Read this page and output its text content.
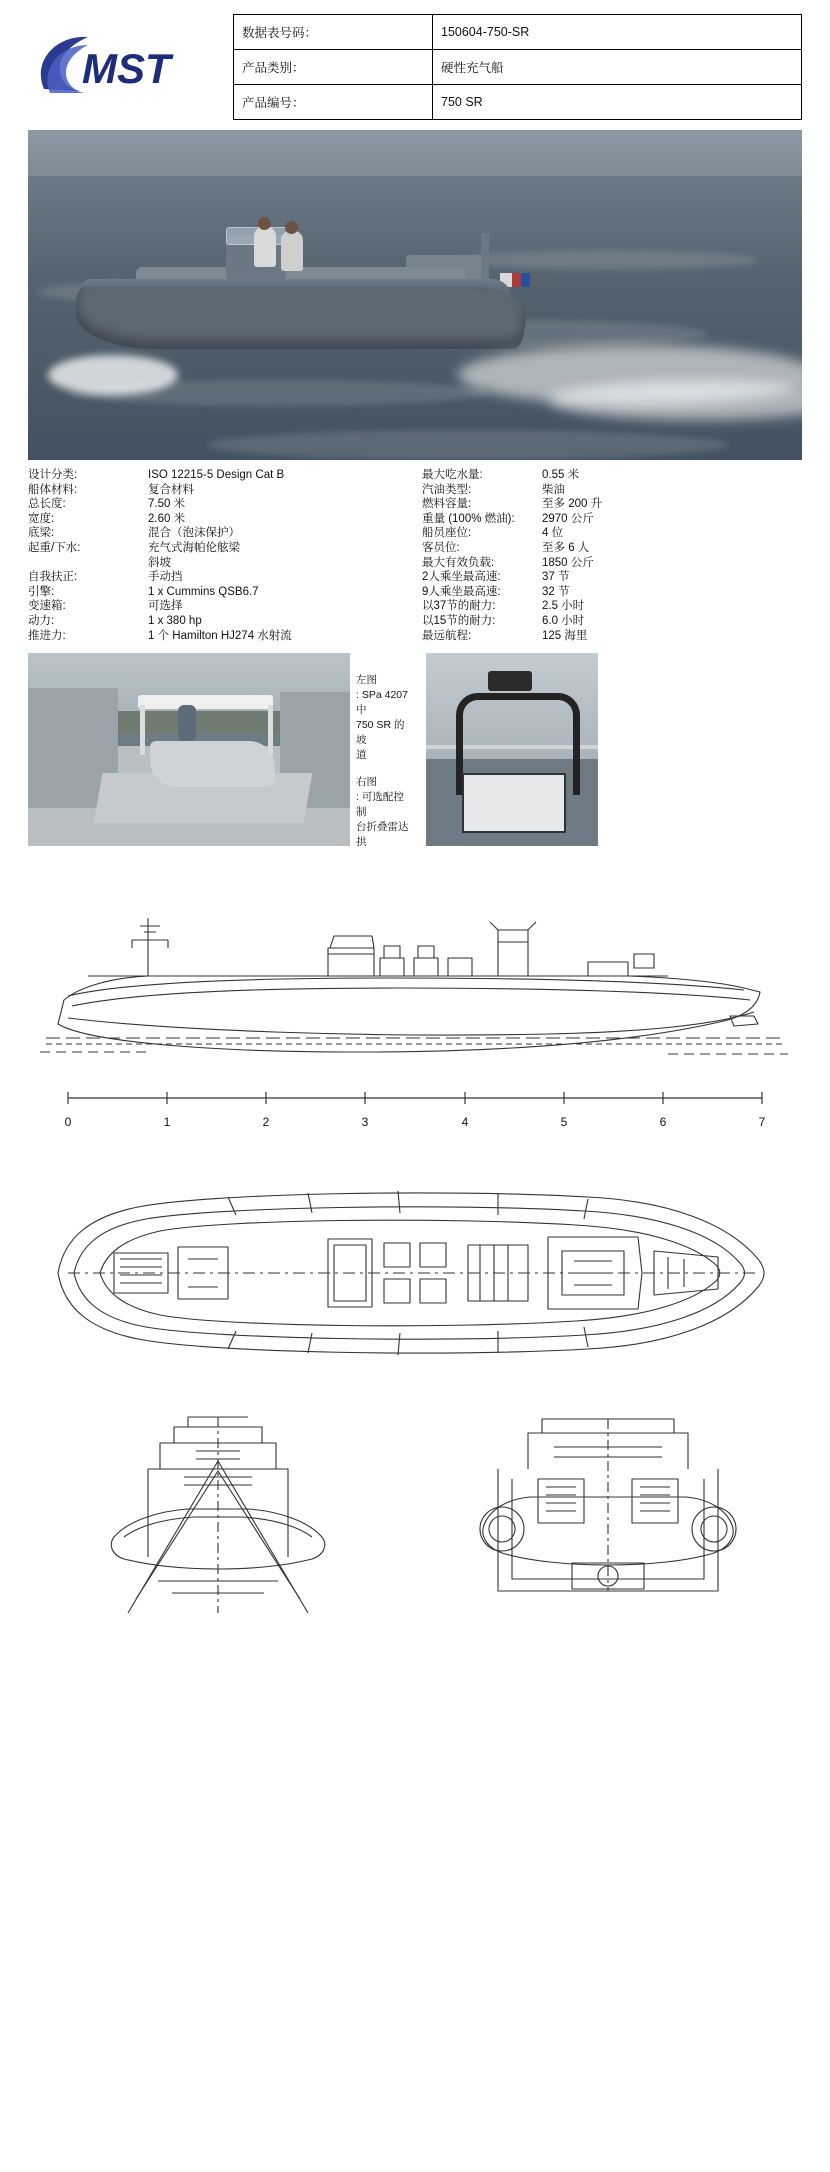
MST
数据表号码：	150604-750-SR
产品类别：	硬性充气船
产品编号：	750 SR
设计分类:	ISO 12215-5 Design Cat B
船体材料:	复合材料
总长度:	7.50 米
宽度:	2.60 米
底梁:	混合（泡沫保护）
起重/下水:	充气式海帕伦舷梁
斜坡
自我扶正:	手动挡
引擎:	1 x Cummins QSB6.7
变速箱:	可选择
动力:	1 x 380 hp
推进力:	1 个 Hamilton HJ274 水射流
最大吃水量:	0.55 米
汽油类型:	柴油
燃料容量:	至多 200 升
重量 (100% 燃油):	2970 公斤
船员座位:	4 位
客员位:	至多 6 人
最大有效负载:	1850 公斤
2人乘坐最高速:	37 节
9人乘坐最高速:	32 节
以37节的耐力:	2.5 小时
以15节的耐力:	6.0 小时
最远航程:	125 海里
左图
: SPa 4207 中
750 SR 的坡
道
右图
: 可选配控制
台折叠雷达拱
0	1	2	3	4	5	6	7
